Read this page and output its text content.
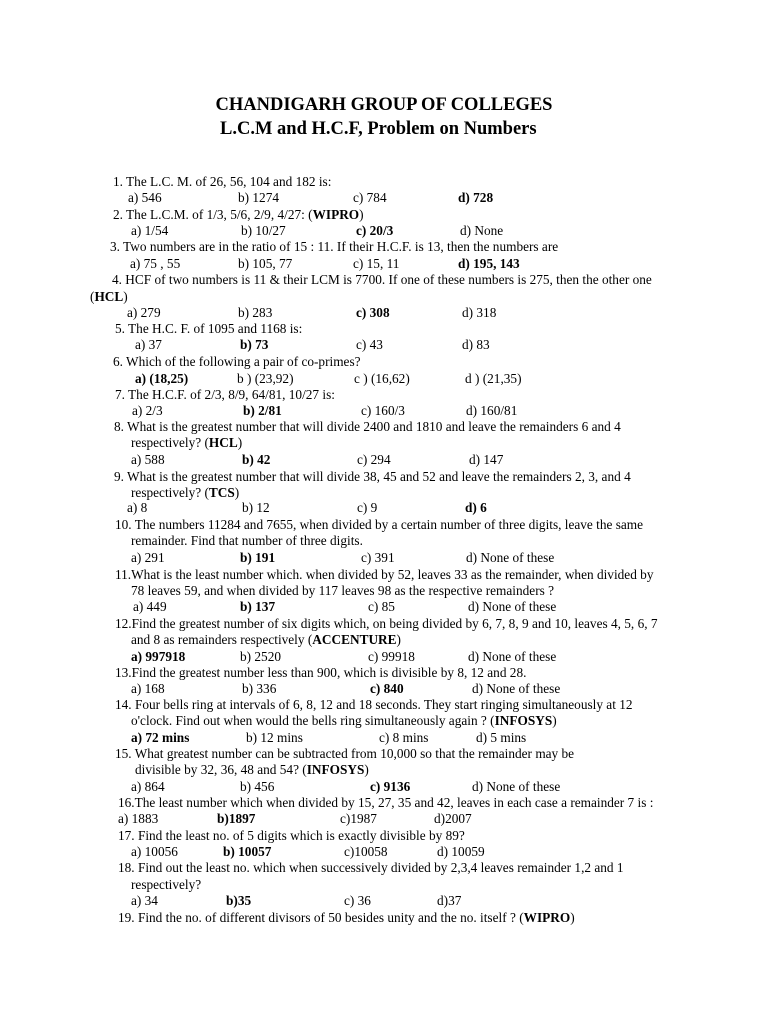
CHANDIGARH GROUP OF COLLEGES
L.C.M and H.C.F, Problem on Numbers
1. The L.C. M. of 26, 56, 104 and 182 is:
a) 546	b) 1274	c) 784	d) 728
2. The L.C.M. of 1/3, 5/6, 2/9, 4/27: (WIPRO)
a) 1/54	b) 10/27	c) 20/3	d) None
3. Two numbers are in the ratio of 15 : 11. If their H.C.F. is 13, then the numbers are
a) 75 , 55	b) 105, 77	c) 15, 11	d) 195, 143
4. HCF of two numbers is 11 & their LCM is 7700. If one of these numbers is 275, then the other one
(HCL)
a) 279	b) 283	c) 308	d) 318
5. The H.C. F. of 1095 and 1168 is:
a) 37	b) 73	c) 43	d) 83
6. Which of the following a pair of co-primes?
a) (18,25)	b ) (23,92)	c ) (16,62)	d ) (21,35)
7. The H.C.F. of 2/3, 8/9, 64/81, 10/27 is:
a) 2/3	b) 2/81	c) 160/3	d) 160/81
8. What is the greatest number that will divide 2400 and 1810 and leave the remainders 6 and 4
respectively? (HCL)
a) 588	b) 42	c) 294	d) 147
9. What is the greatest number that will divide 38, 45 and 52 and leave the remainders 2, 3, and 4
respectively? (TCS)
a) 8	b) 12	c) 9	d) 6
10. The numbers 11284 and 7655, when divided by a certain number of three digits, leave the same
remainder. Find that number of three digits.
a) 291	b) 191	c) 391	d) None of these
11.What is the least number which. when divided by 52, leaves 33 as the remainder, when divided by
78 leaves 59, and when divided by 117 leaves 98 as the respective remainders ?
a) 449	b) 137	c) 85	d) None of these
12.Find the greatest number of six digits which, on being divided by 6, 7, 8, 9 and 10, leaves 4, 5, 6, 7
and 8 as remainders respectively (ACCENTURE)
a) 997918	b) 2520	c) 99918	d) None of these
13.Find the greatest number less than 900, which is divisible by 8, 12 and 28.
a) 168	b) 336	c) 840	d) None of these
14. Four bells ring at intervals of 6, 8, 12 and 18 seconds. They start ringing simultaneously at 12
o'clock. Find out when would the bells ring simultaneously again ? (INFOSYS)
a) 72 mins	b) 12 mins	c) 8 mins	d) 5 mins
15. What greatest number can be subtracted from 10,000 so that the remainder may be
divisible by 32, 36, 48 and 54? (INFOSYS)
a) 864	b) 456	c) 9136	d) None of these
16.The least number which when divided by 15, 27, 35 and 42, leaves in each case a remainder 7 is :
a) 1883	b)1897	c)1987	d)2007
17. Find the least no. of 5 digits which is exactly divisible by 89?
a) 10056	b) 10057	c)10058	d) 10059
18. Find out the least no. which when successively divided by 2,3,4 leaves remainder 1,2 and 1
respectively?
a) 34	b)35	c) 36	d)37
19. Find the no. of different divisors of 50 besides unity and the no. itself ? (WIPRO)
